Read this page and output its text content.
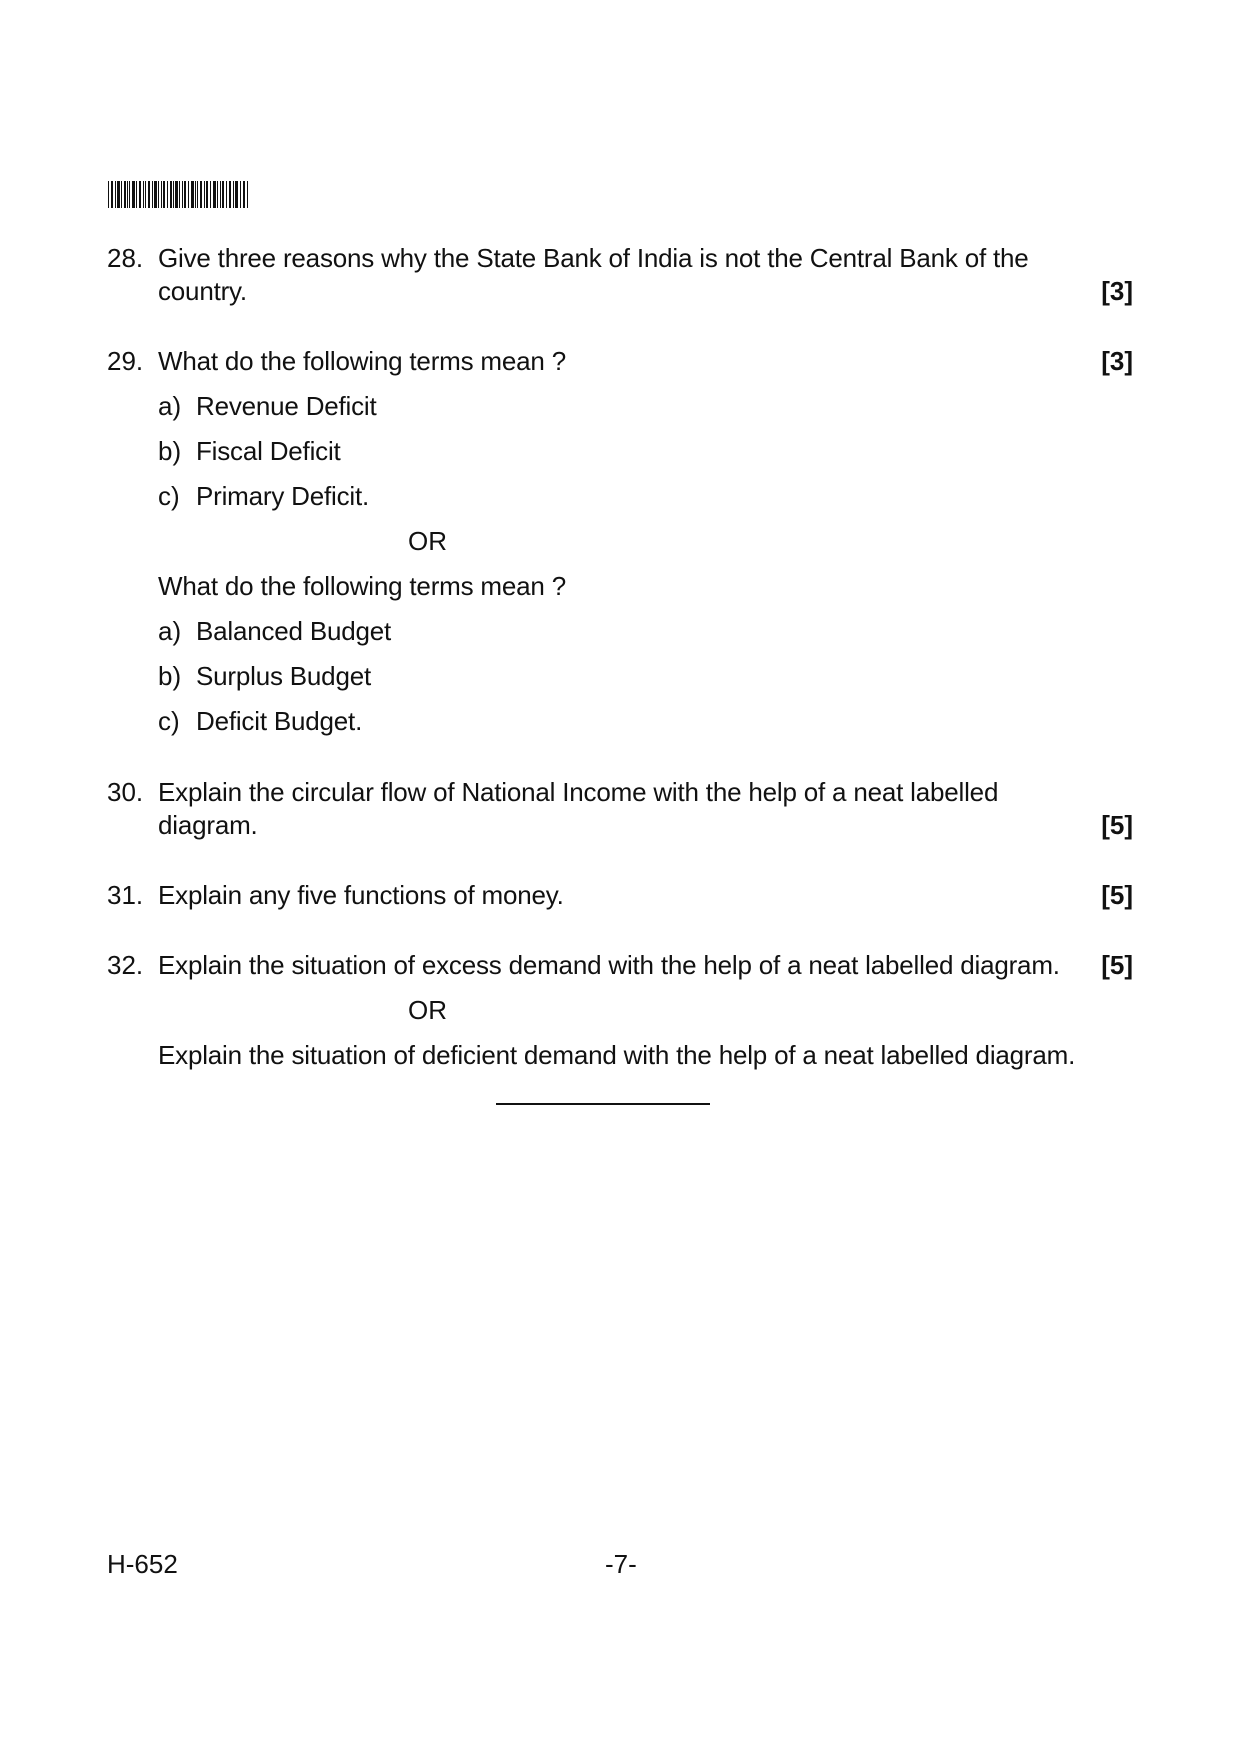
28. Give three reasons why the State Bank of India is not the Central Bank of the
country.	[3]
29. What do the following terms mean ?	[3]
a) Revenue Deficit
b) Fiscal Deficit
c) Primary Deficit.
OR
What do the following terms mean ?
a) Balanced Budget
b) Surplus Budget
c) Deficit Budget.
30. Explain the circular flow of National Income with the help of a neat labelled
diagram.	[5]
31. Explain any five functions of money.	[5]
32. Explain the situation of excess demand with the help of a neat labelled diagram. [5]
OR
Explain the situation of deficient demand with the help of a neat labelled diagram.
H-652	-7-
